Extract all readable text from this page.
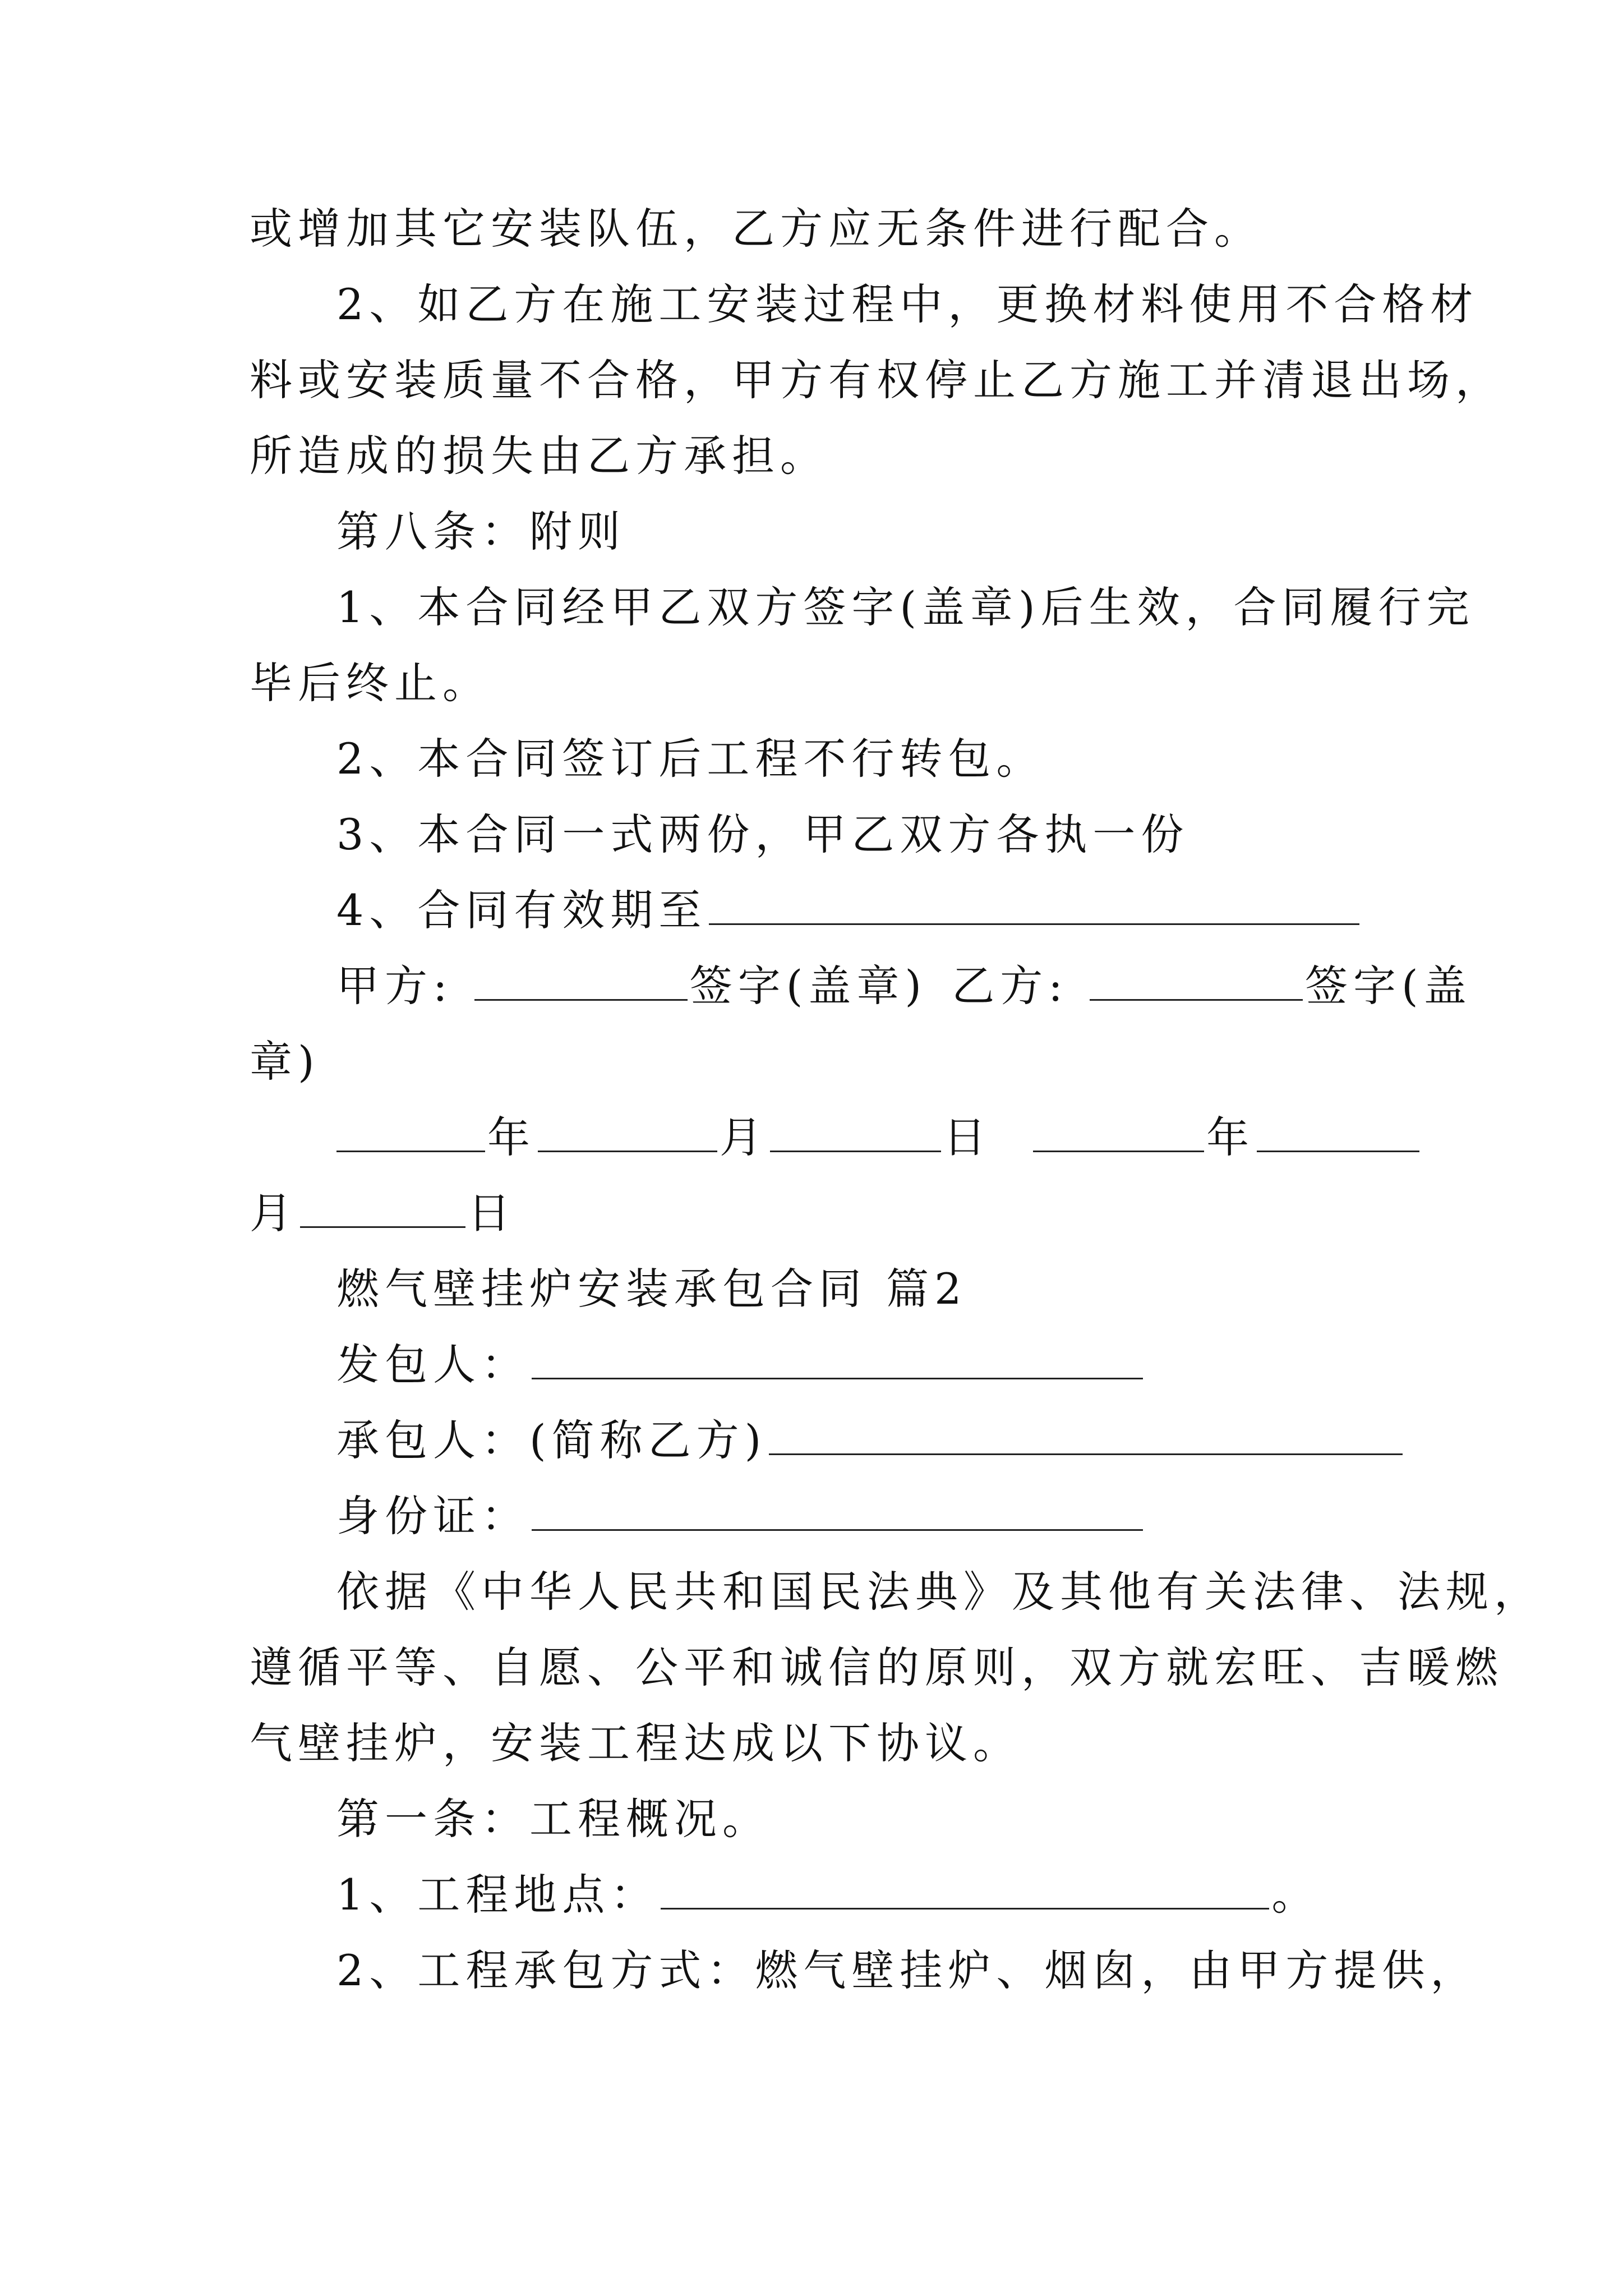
或增加其它安装队伍，乙方应无条件进行配合。
2、如乙方在施工安装过程中，更换材料使用不合格材
料或安装质量不合格，甲方有权停止乙方施工并清退出场，
所造成的损失由乙方承担。
第八条：附则
1、本合同经甲乙双方签字(盖章)后生效，合同履行完
毕后终止。
2、本合同签订后工程不行转包。
3、本合同一式两份，甲乙双方各执一份
4、合同有效期至
甲方:	签字(盖章) 乙方:	签字(盖
章)
年	月	日	年
月	日
燃气壁挂炉安装承包合同 篇2
发包人：
承包人：(简称乙方)
身份证：
依据《中华人民共和国民法典》及其他有关法律、法规，
遵循平等、自愿、公平和诚信的原则，双方就宏旺、吉暖燃
气壁挂炉，安装工程达成以下协议。
第一条：工程概况。
1、工程地点：	。
2、工程承包方式：燃气壁挂炉、烟囱，由甲方提供，
